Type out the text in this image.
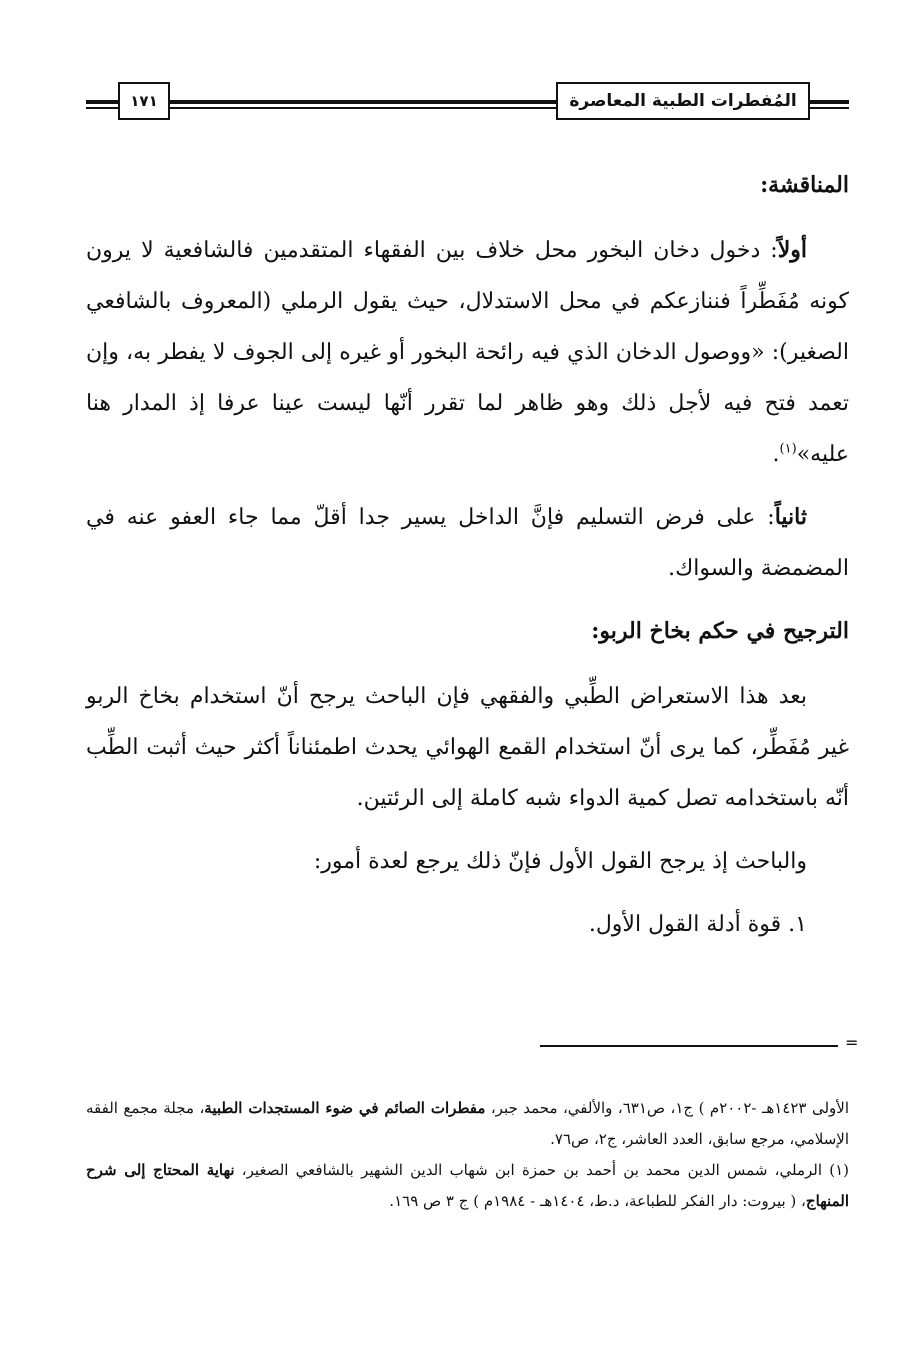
١٧١	المُفطرات الطبية المعاصرة

المناقشة:

أولاً: دخول دخان البخور محل خلاف بين الفقهاء المتقدمين فالشافعية لا يرون كونه مُفَطِّراً فننازعكم في محل الاستدلال، حيث يقول الرملي (المعروف بالشافعي الصغير): «ووصول الدخان الذي فيه رائحة البخور أو غيره إلى الجوف لا يفطر به، وإن تعمد فتح فيه لأجل ذلك وهو ظاهر لما تقرر أنّها ليست عينا عرفا إذ المدار هنا عليه»$^{(١)}$.

ثانياً: على فرض التسليم فإنَّ الداخل يسير جدا أقلّ مما جاء العفو عنه في المضمضة والسواك.

الترجيح في حكم بخاخ الربو:

بعد هذا الاستعراض الطِّبي والفقهي فإن الباحث يرجح أنّ استخدام بخاخ الربو غير مُفَطِّر، كما يرى أنّ استخدام القمع الهوائي يحدث اطمئناناً أكثر حيث أثبت الطِّب أنّه باستخدامه تصل كمية الدواء شبه كاملة إلى الرئتين.

والباحث إذ يرجح القول الأول فإنّ ذلك يرجع لعدة أمور:

١. قوة أدلة القول الأول.

=

الأولى ١٤٢٣هـ -٢٠٠٢م ) ج١، ص٦٣١، والألفي، محمد جبر، مفطرات الصائم في ضوء المستجدات الطبية، مجلة مجمع الفقه الإسلامي، مرجع سابق، العدد العاشر، ج٢، ص٧٦.

(١) الرملي، شمس الدين محمد بن أحمد بن حمزة ابن شهاب الدين الشهير بالشافعي الصغير، نهاية المحتاج إلى شرح المنهاج، ( بيروت: دار الفكر للطباعة، د.ط، ١٤٠٤هـ - ١٩٨٤م ) ج ٣ ص ١٦٩.
